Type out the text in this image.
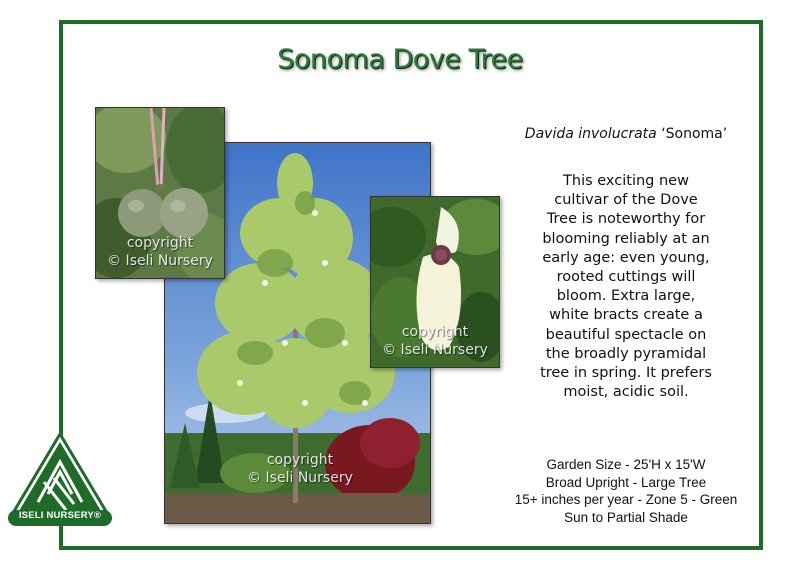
Sonoma Dove Tree
copyright
© Iseli Nursery
copyright
© Iseli Nursery
copyright
© Iseli Nursery
Davida involucrata ‘Sonoma’
This exciting new
cultivar of the Dove
Tree is noteworthy for
blooming reliably at an
early age: even young,
rooted cuttings will
bloom. Extra large,
white bracts create a
beautiful spectacle on
the broadly pyramidal
tree in spring. It prefers
moist, acidic soil.
Garden Size - 25'H x 15'W
Broad Upright - Large Tree
15+ inches per year - Zone 5 - Green
Sun to Partial Shade
ISELI NURSERY®
